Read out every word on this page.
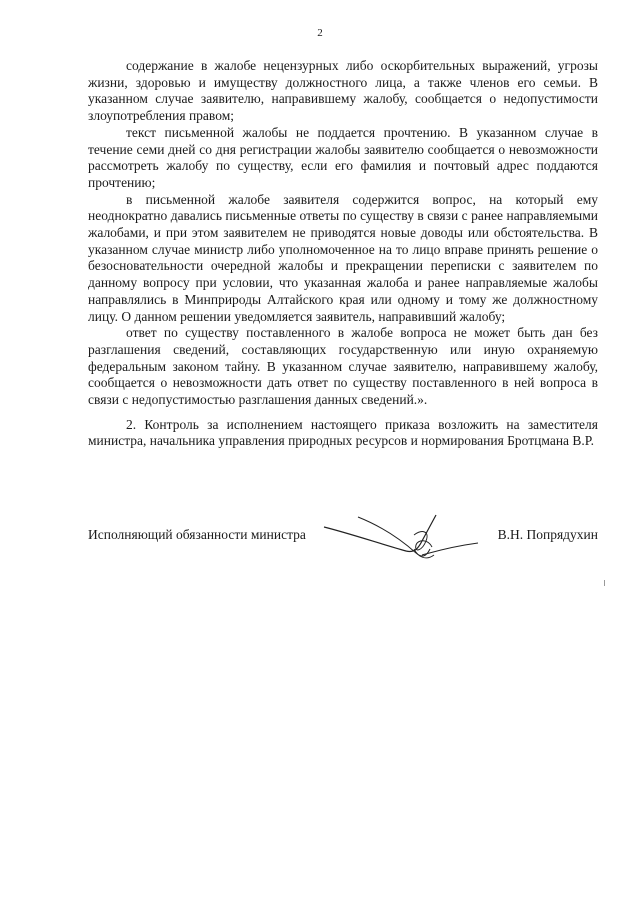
2

содержание в жалобе нецензурных либо оскорбительных выражений, угрозы жизни, здоровью и имуществу должностного лица, а также членов его семьи. В указанном случае заявителю, направившему жалобу, сообщается о недопустимости злоупотребления правом;

текст письменной жалобы не поддается прочтению. В указанном случае в течение семи дней со дня регистрации жалобы заявителю сообщается о невозможности рассмотреть жалобу по существу, если его фамилия и почтовый адрес поддаются прочтению;

в письменной жалобе заявителя содержится вопрос, на который ему неоднократно давались письменные ответы по существу в связи с ранее направляемыми жалобами, и при этом заявителем не приводятся новые доводы или обстоятельства. В указанном случае министр либо уполномоченное на то лицо вправе принять решение о безосновательности очередной жалобы и прекращении переписки с заявителем по данному вопросу при условии, что указанная жалоба и ранее направляемые жалобы направлялись в Минприроды Алтайского края или одному и тому же должностному лицу. О данном решении уведомляется заявитель, направивший жалобу;

ответ по существу поставленного в жалобе вопроса не может быть дан без разглашения сведений, составляющих государственную или иную охраняемую федеральным законом тайну. В указанном случае заявителю, направившему жалобу, сообщается о невозможности дать ответ по существу поставленного в ней вопроса в связи с недопустимостью разглашения данных сведений.».

2. Контроль за исполнением настоящего приказа возложить на заместителя министра, начальника управления природных ресурсов и нормирования Бротцмана В.Р.

Исполняющий обязанности министра	В.Н. Попрядухин
